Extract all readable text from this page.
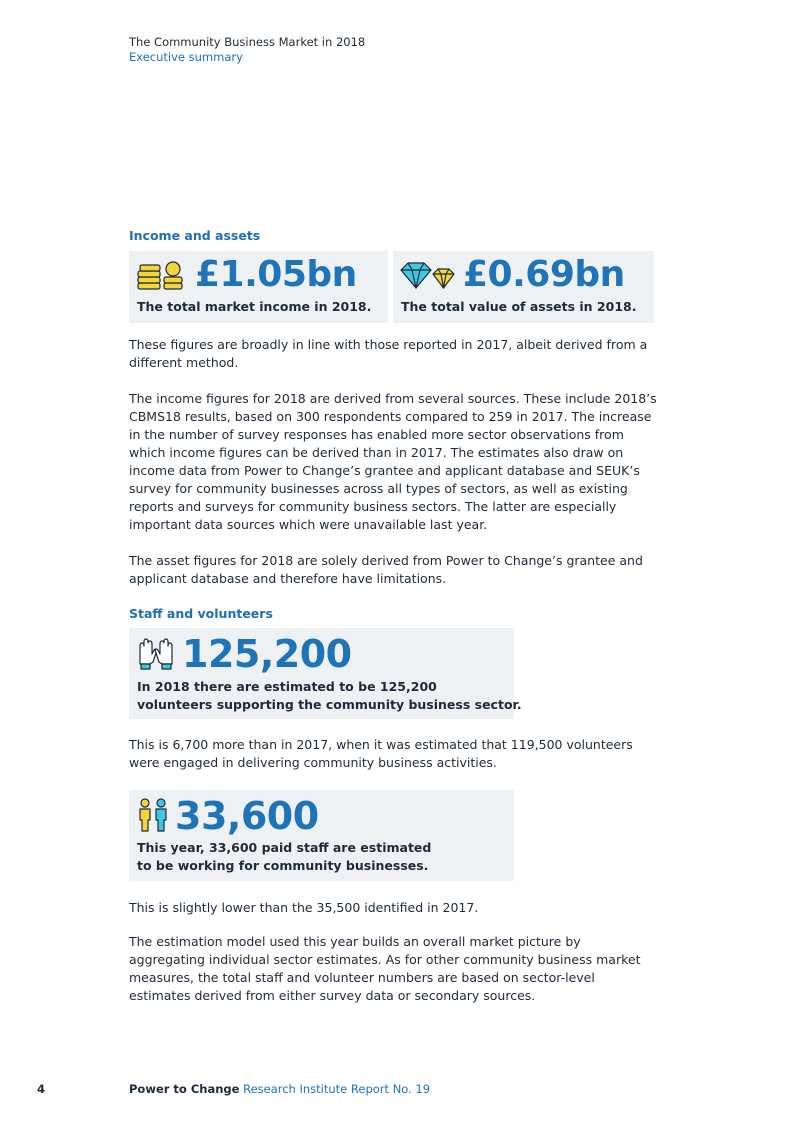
The Community Business Market in 2018
Executive summary
Income and assets
£1.05bn
The total market income in 2018.
£0.69bn
The total value of assets in 2018.

These figures are broadly in line with those reported in 2017, albeit derived from a different method.

The income figures for 2018 are derived from several sources. These include 2018’s CBMS18 results, based on 300 respondents compared to 259 in 2017. The increase in the number of survey responses has enabled more sector observations from which income figures can be derived than in 2017. The estimates also draw on income data from Power to Change’s grantee and applicant database and SEUK’s survey for community businesses across all types of sectors, as well as existing reports and surveys for community business sectors. The latter are especially important data sources which were unavailable last year.

The asset figures for 2018 are solely derived from Power to Change’s grantee and applicant database and therefore have limitations.

Staff and volunteers
125,200
In 2018 there are estimated to be 125,200
volunteers supporting the community business sector.

This is 6,700 more than in 2017, when it was estimated that 119,500 volunteers were engaged in delivering community business activities.

33,600
This year, 33,600 paid staff are estimated
to be working for community businesses.

This is slightly lower than the 35,500 identified in 2017.

The estimation model used this year builds an overall market picture by aggregating individual sector estimates. As for other community business market measures, the total staff and volunteer numbers are based on sector-level estimates derived from either survey data or secondary sources.

4	Power to Change Research Institute Report No. 19
